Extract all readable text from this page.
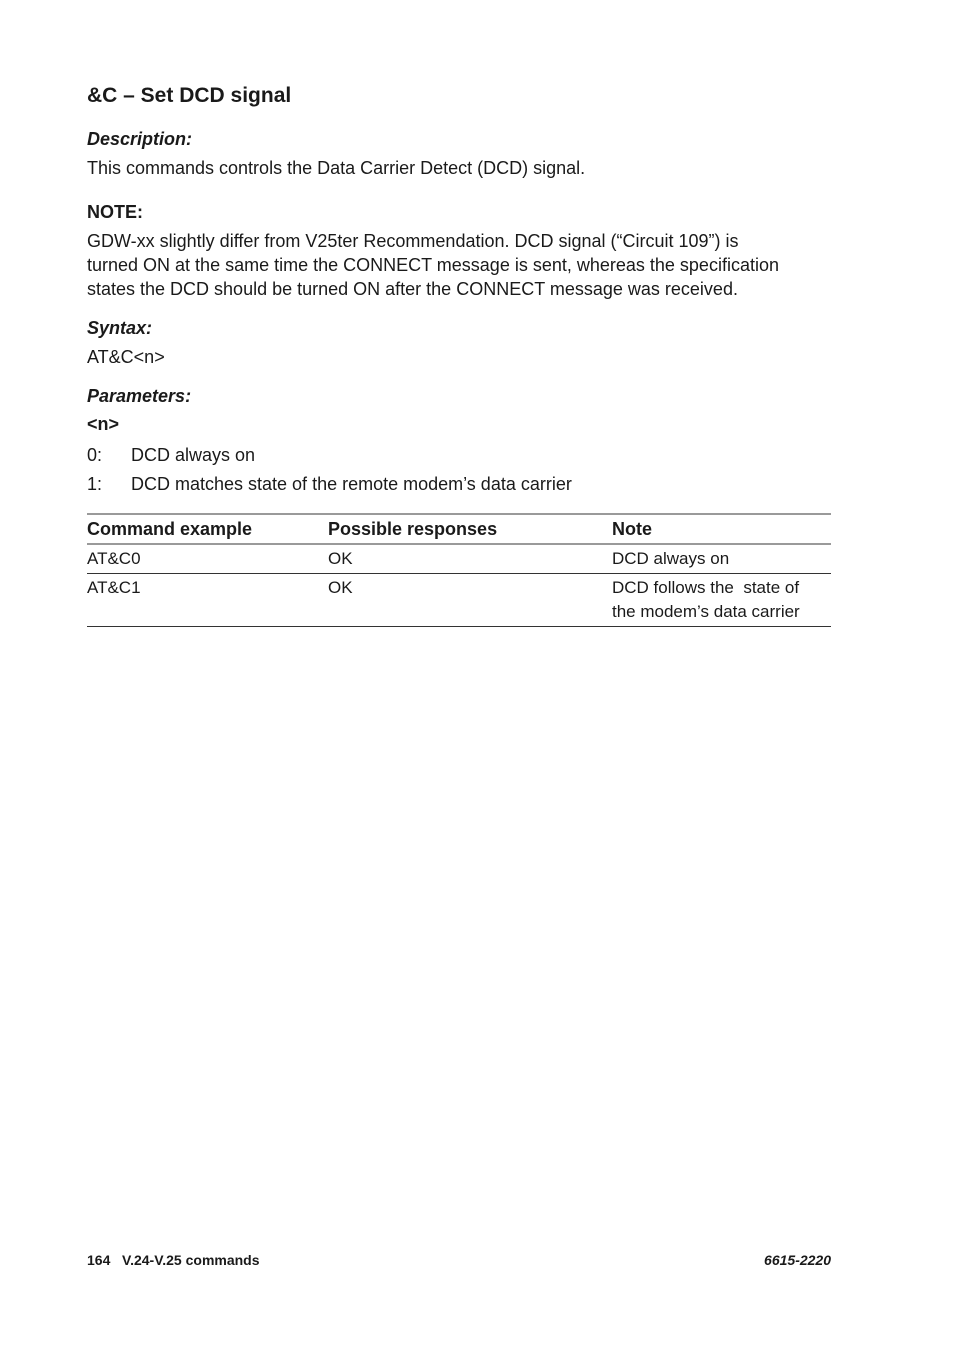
&C – Set DCD signal

Description:

This commands controls the Data Carrier Detect (DCD) signal.

NOTE:

GDW-xx slightly differ from V25ter Recommendation. DCD signal (“Circuit 109”) is
turned ON at the same time the CONNECT message is sent, whereas the specification
states the DCD should be turned ON after the CONNECT message was received.

Syntax:

AT&C<n>

Parameters:

<n>

0: DCD always on
1: DCD matches state of the remote modem’s data carrier
Command example	Possible responses	Note
AT&C0	OK	DCD always on
AT&C1	OK	DCD follows the  state of
the modem’s data carrier
164   V.24-V.25 commands	6615-2220
